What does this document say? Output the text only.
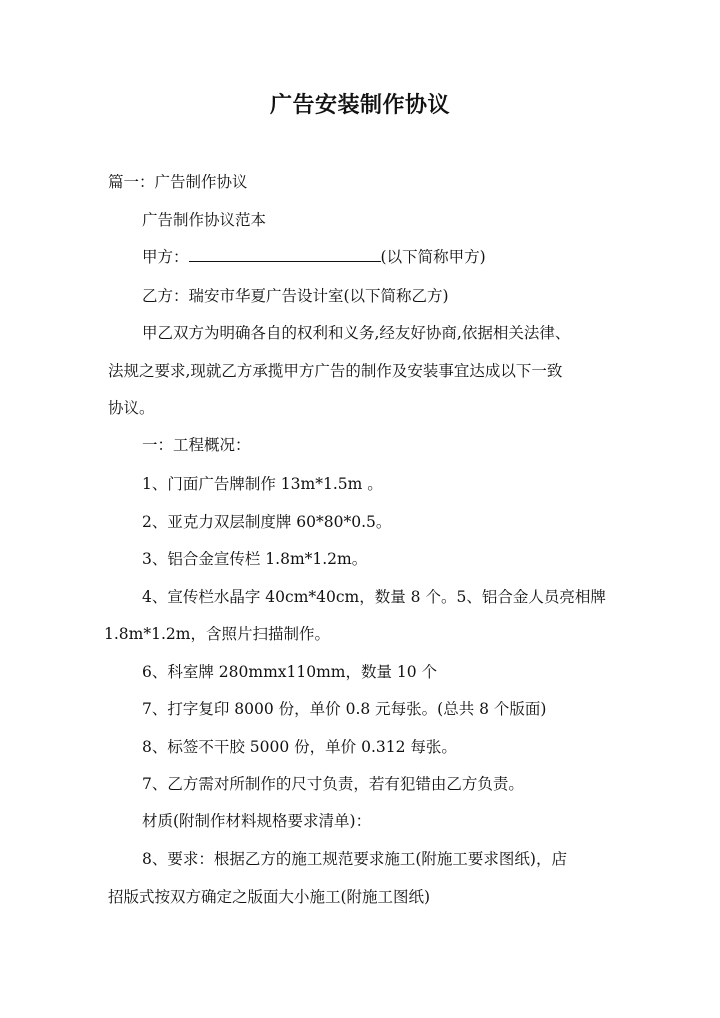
广告安装制作协议
篇一：广告制作协议
广告制作协议范本
甲方：	(以下简称甲方)
乙方：瑞安市华夏广告设计室(以下简称乙方)
甲乙双方为明确各自的权利和义务,经友好协商,依据相关法律、
法规之要求,现就乙方承揽甲方广告的制作及安装事宜达成以下一致
协议。
一：工程概况：
1、门面广告牌制作 13m*1.5m 。
2、亚克力双层制度牌 60*80*0.5。
3、铝合金宣传栏 1.8m*1.2m。
4、宣传栏水晶字 40cm*40cm，数量 8 个。5、铝合金人员亮相牌
1.8m*1.2m，含照片扫描制作。
6、科室牌 280mmx110mm，数量 10 个
7、打字复印 8000 份，单价 0.8 元每张。(总共 8 个版面)
8、标签不干胶 5000 份，单价 0.312 每张。
7、乙方需对所制作的尺寸负责，若有犯错由乙方负责。
材质(附制作材料规格要求清单)：
8、要求：根据乙方的施工规范要求施工(附施工要求图纸)，店
招版式按双方确定之版面大小施工(附施工图纸)
